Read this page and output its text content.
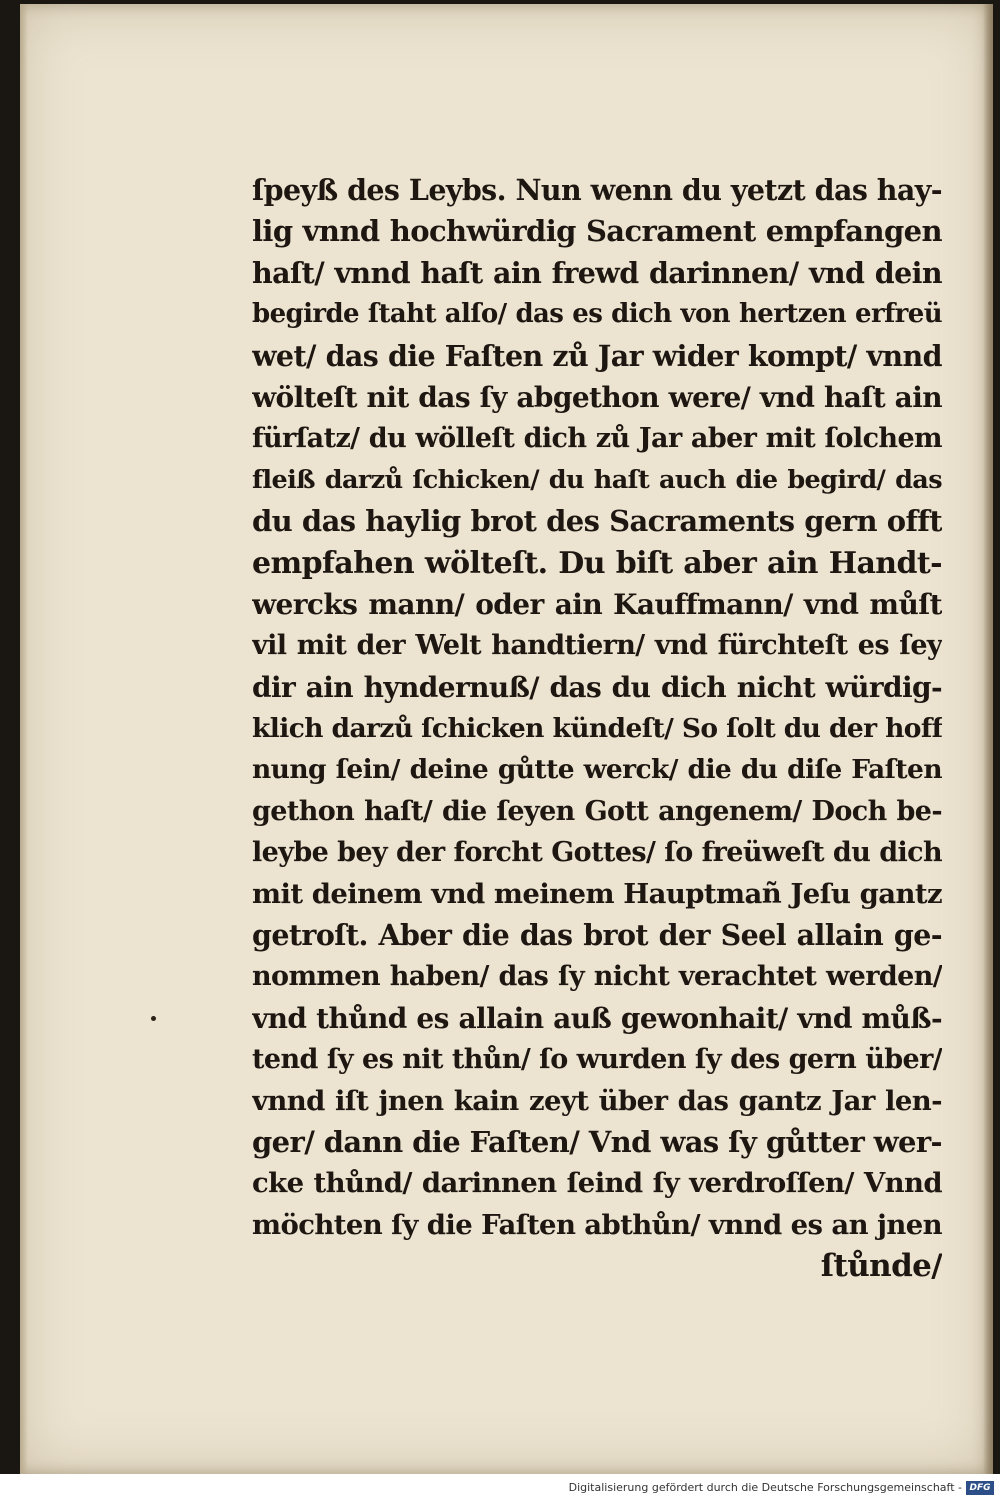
ſpeyß des Leybs. Nun wenn du yetzt das hay-
lig vnnd hochwürdig Sacrament empfangen
haſt/ vnnd haſt ain frewd darinnen/ vnd dein
begirde ſtaht alſo/ das es dich von hertzen erfreü
wet/ das die Faſten zů Jar wider kompt/ vnnd
wölteſt nit das ſy abgethon were/ vnd haſt ain
fürſatz/ du wölleſt dich zů Jar aber mit ſolchem
fleiß darzů ſchicken/ du haſt auch die begird/ das
du das haylig brot des Sacraments gern offt
empfahen wölteſt. Du biſt aber ain Handt-
wercks mann/ oder ain Kauffmann/ vnd můſt
vil mit der Welt handtiern/ vnd fürchteſt es ſey
dir ain hyndernuß/ das du dich nicht würdig-
klich darzů ſchicken kündeſt/ So ſolt du der hoff
nung ſein/ deine gůtte werck/ die du diſe Faſten
gethon haſt/ die ſeyen Gott angenem/ Doch be-
leybe bey der forcht Gottes/ ſo freüweſt du dich
mit deinem vnd meinem Hauptmañ Jeſu gantz
getroſt. Aber die das brot der Seel allain ge-
nommen haben/ das ſy nicht verachtet werden/
vnd thůnd es allain auß gewonhait/ vnd můß-
tend ſy es nit thůn/ ſo wurden ſy des gern über/
vnnd iſt jnen kain zeyt über das gantz Jar len-
ger/ dann die Faſten/ Vnd was ſy gůtter wer-
cke thůnd/ darinnen ſeind ſy verdroſſen/ Vnnd
möchten ſy die Faſten abthůn/ vnnd es an jnen
ſtůnde/
Digitalisierung gefördert durch die Deutsche Forschungsgemeinschaft - DFG
